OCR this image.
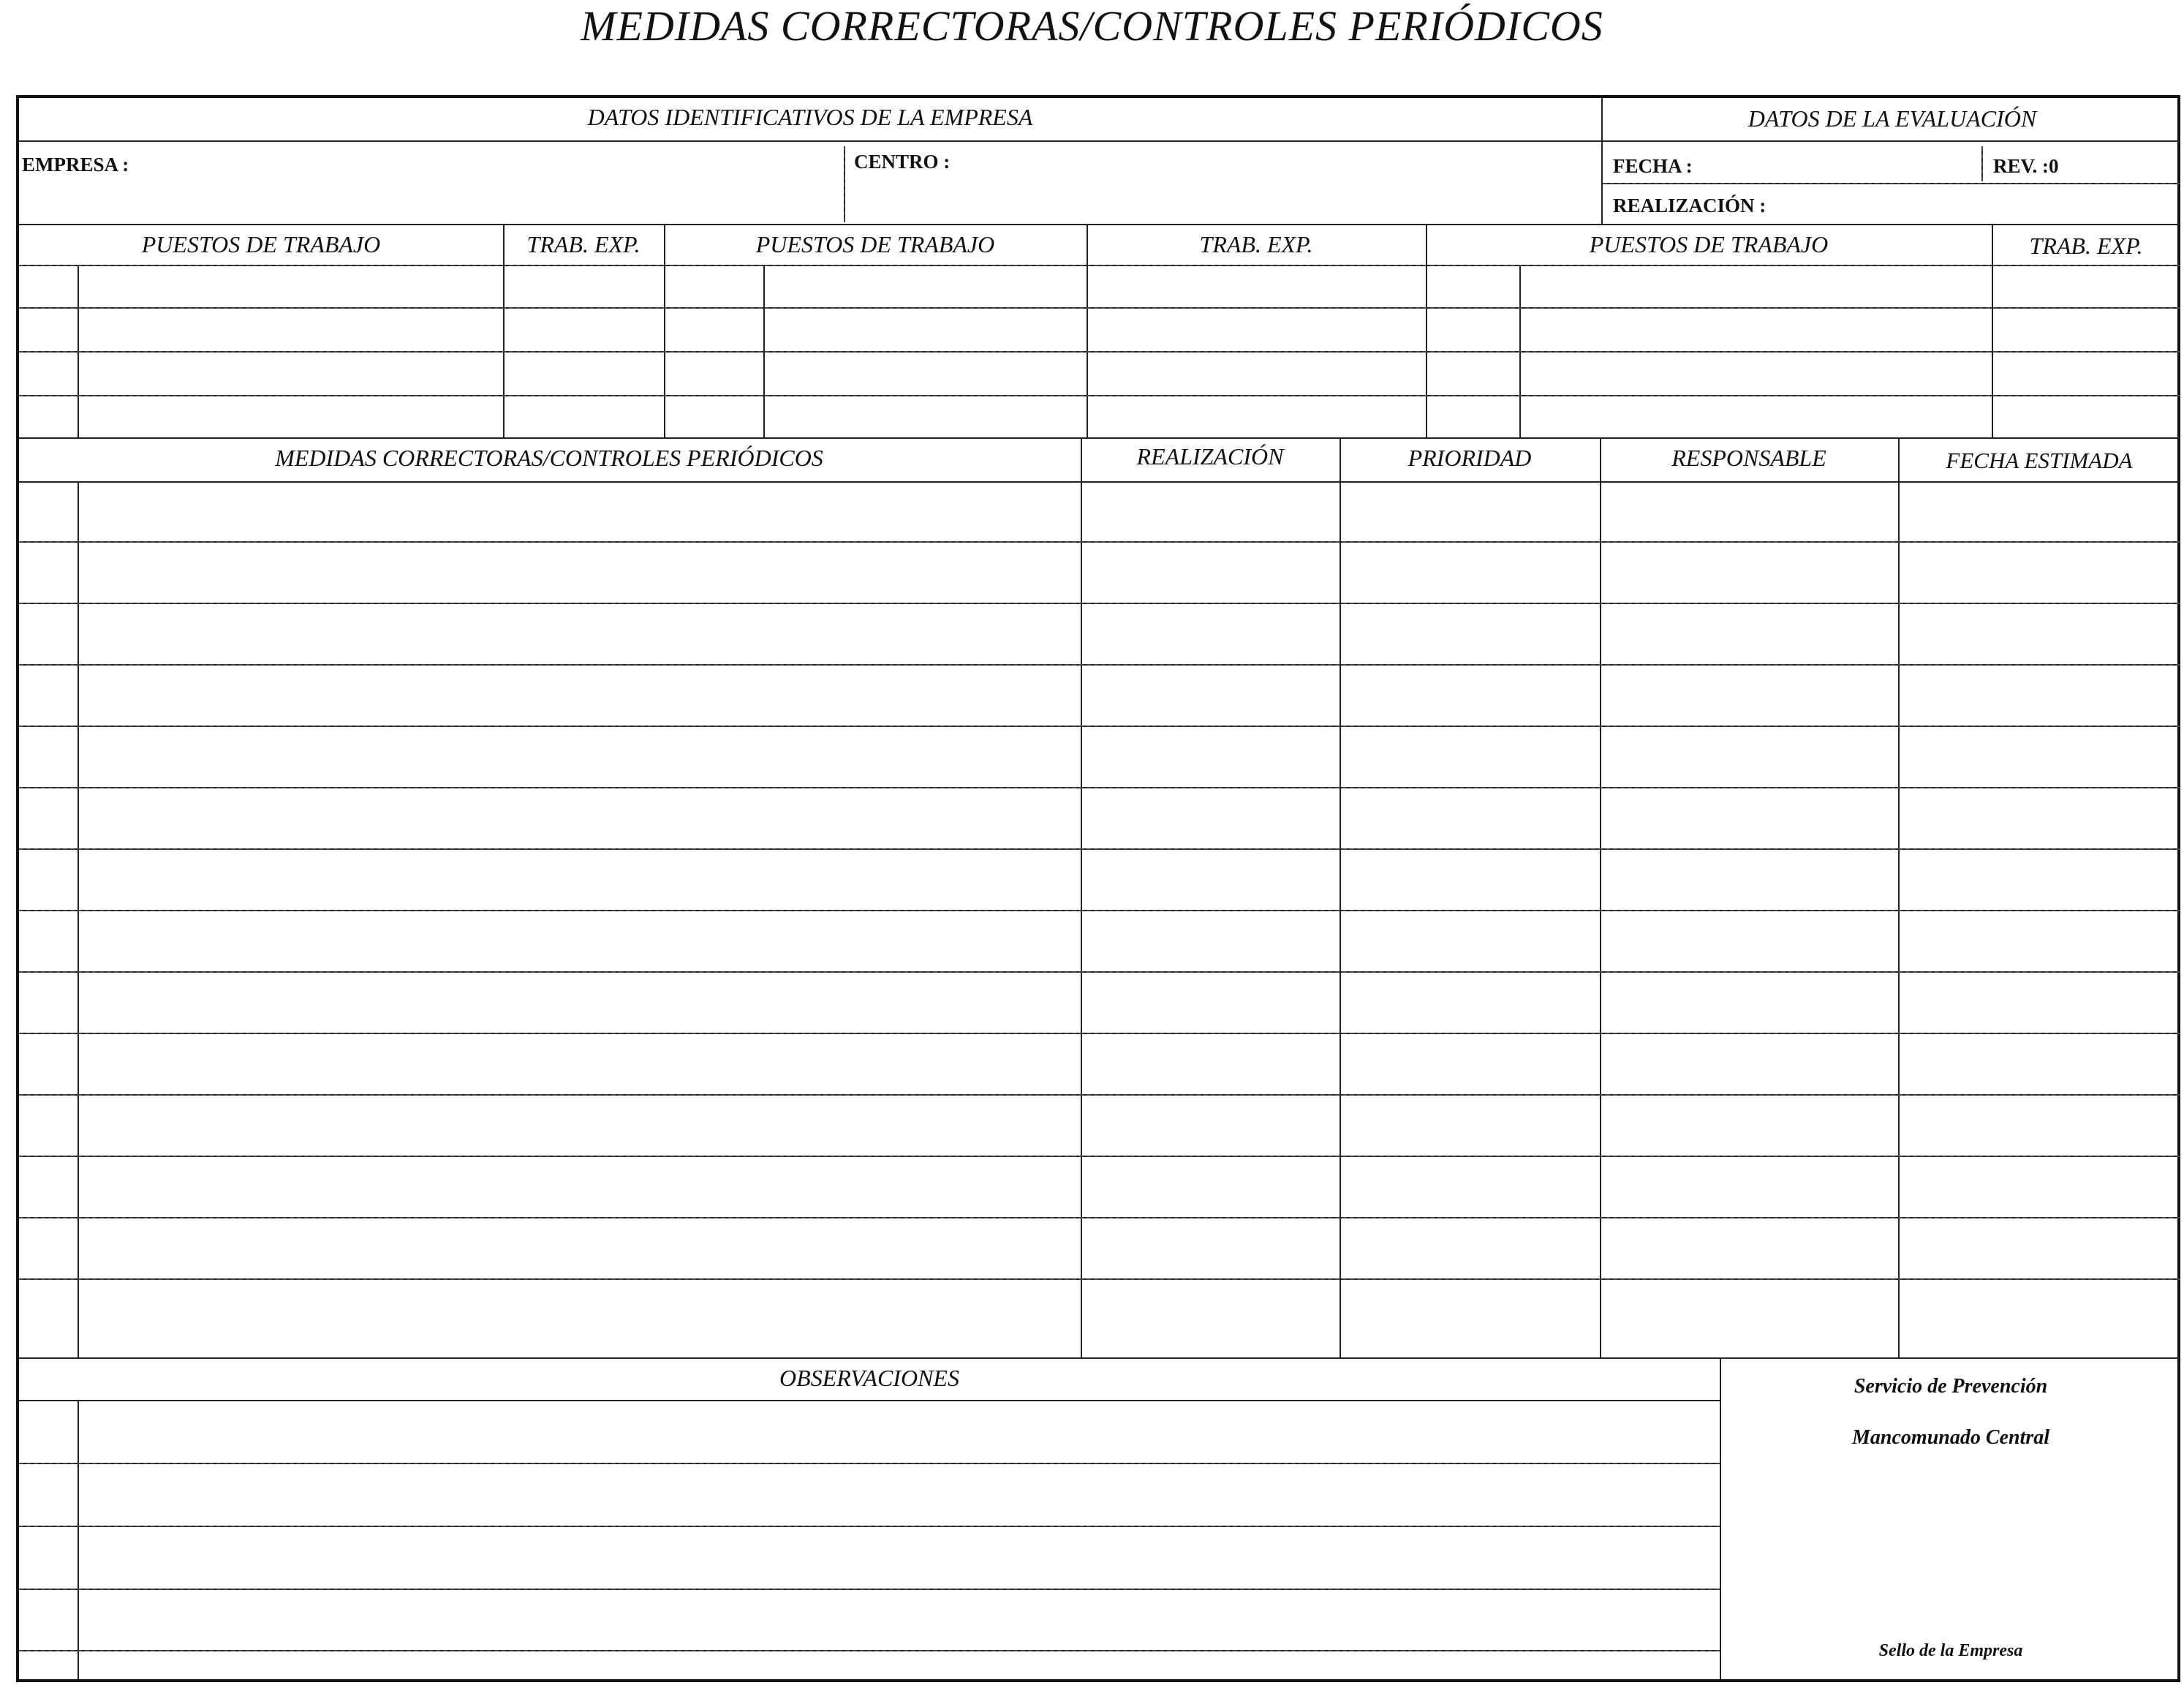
MEDIDAS CORRECTORAS/CONTROLES PERIÓDICOS
DATOS IDENTIFICATIVOS DE LA EMPRESA	DATOS DE LA EVALUACIÓN
EMPRESA :	CENTRO :	FECHA :	REV. :0
REALIZACIÓN :
PUESTOS DE TRABAJO	TRAB. EXP.	PUESTOS DE TRABAJO	TRAB. EXP.	PUESTOS DE TRABAJO	TRAB. EXP.
MEDIDAS CORRECTORAS/CONTROLES PERIÓDICOS	REALIZACIÓN	PRIORIDAD	RESPONSABLE	FECHA ESTIMADA
OBSERVACIONES	Servicio de Prevención
Mancomunado Central
Sello de la Empresa
